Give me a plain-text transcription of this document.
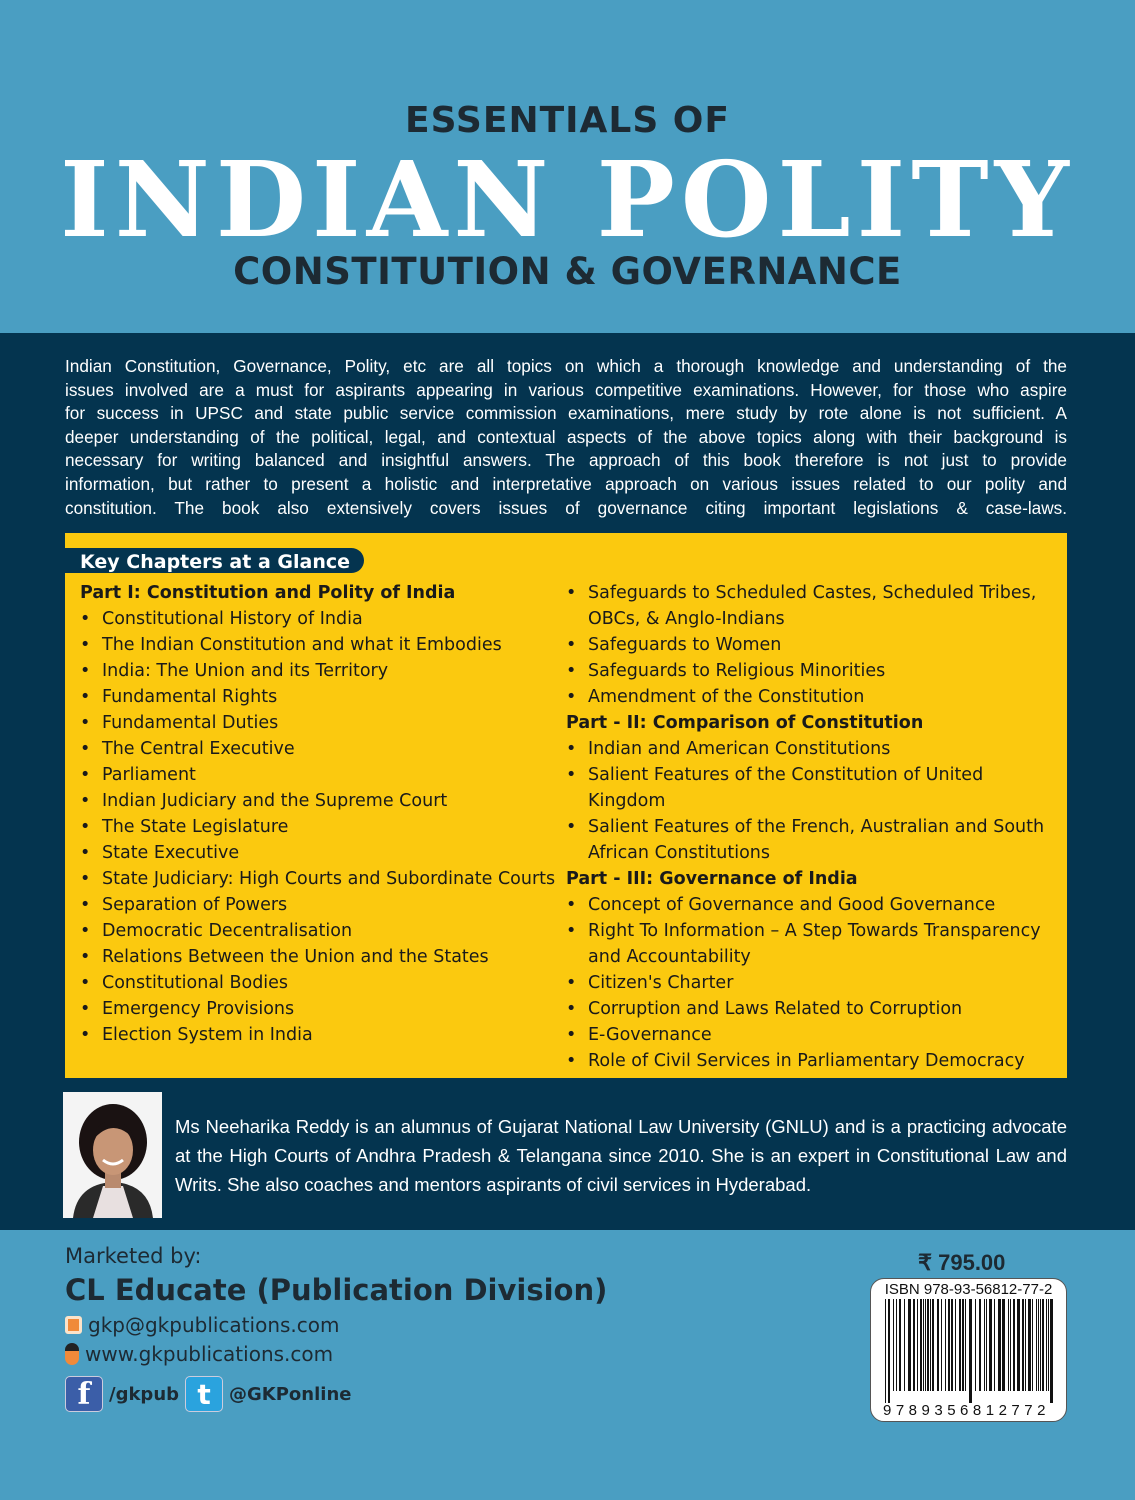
ESSENTIALS OF
INDIAN POLITY
CONSTITUTION & GOVERNANCE
Indian Constitution, Governance, Polity, etc are all topics on which a thorough knowledge and understanding of the
issues involved are a must for aspirants appearing in various competitive examinations. However, for those who aspire
for success in UPSC and state public service commission examinations, mere study by rote alone is not sufficient. A
deeper understanding of the political, legal, and contextual aspects of the above topics along with their background is
necessary for writing balanced and insightful answers. The approach of this book therefore is not just to provide
information, but rather to present a holistic and interpretative approach on various issues related to our polity and
constitution. The book also extensively covers issues of governance citing important legislations & case-laws.
Key Chapters at a Glance
Part I: Constitution and Polity of India
• Constitutional History of India
• The Indian Constitution and what it Embodies
• India: The Union and its Territory
• Fundamental Rights
• Fundamental Duties
• The Central Executive
• Parliament
• Indian Judiciary and the Supreme Court
• The State Legislature
• State Executive
• State Judiciary: High Courts and Subordinate Courts
• Separation of Powers
• Democratic Decentralisation
• Relations Between the Union and the States
• Constitutional Bodies
• Emergency Provisions
• Election System in India
• Safeguards to Scheduled Castes, Scheduled Tribes,
OBCs, & Anglo-Indians
• Safeguards to Women
• Safeguards to Religious Minorities
• Amendment of the Constitution
Part - II: Comparison of Constitution
• Indian and American Constitutions
• Salient Features of the Constitution of United
Kingdom
• Salient Features of the French, Australian and South
African Constitutions
Part - III: Governance of India
• Concept of Governance and Good Governance
• Right To Information – A Step Towards Transparency
and Accountability
• Citizen's Charter
• Corruption and Laws Related to Corruption
• E-Governance
• Role of Civil Services in Parliamentary Democracy
Ms Neeharika Reddy is an alumnus of Gujarat National Law University (GNLU) and is a practicing advocate at the High Courts of Andhra Pradesh & Telangana since 2010. She is an expert in Constitutional Law and Writs. She also coaches and mentors aspirants of civil services in Hyderabad.
Marketed by:
CL Educate (Publication Division)
gkp@gkpublications.com
www.gkpublications.com
f	/gkpub t	@GKPonline
₹ 795.00
ISBN 978-93-56812-77-2
9789356812772
